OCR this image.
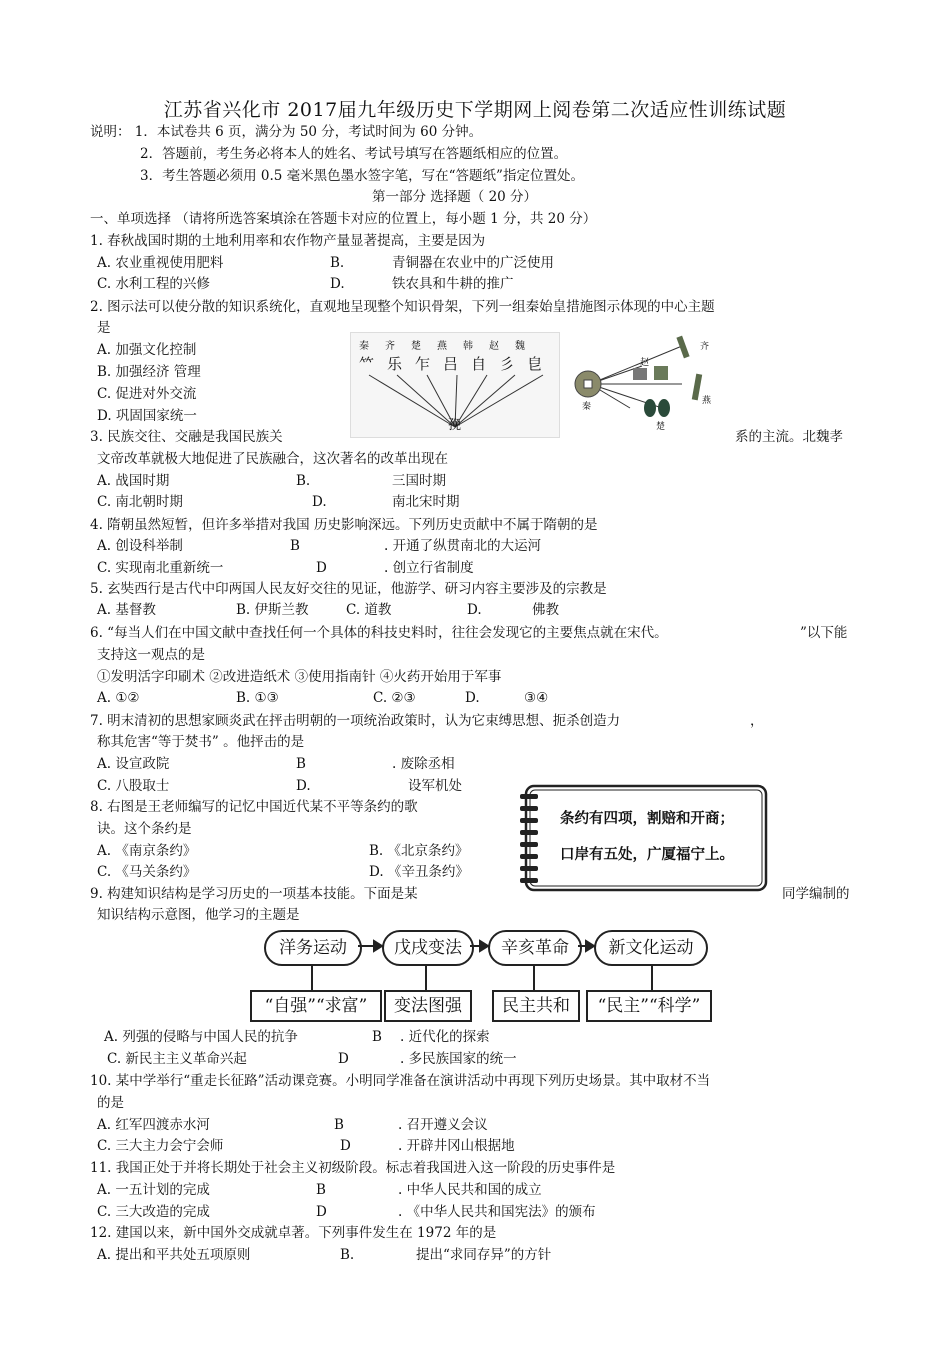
江苏省兴化市 2017届九年级历史下学期网上阅卷第二次适应性训练试题
说明： 1．本试卷共 6 页，满分为 50 分，考试时间为 60 分钟。
2．答题前，考生务必将本人的姓名、考试号填写在答题纸相应的位置。
3．考生答题必须用 0.5 毫米黑色墨水签字笔，写在“答题纸”指定位置处。
第一部分 选择题（ 20 分）
一、单项选择 （请将所选答案填涂在答题卡对应的位置上，每小题 1 分，共 20 分）
1. 春秋战国时期的土地利用率和农作物产量显著提高，主要是因为
A. 农业重视使用肥料	B.	青铜器在农业中的广泛使用
C. 水利工程的兴修	D.	铁农具和牛耕的推广
2. 图示法可以使分散的知识系统化，直观地呈现整个知识骨架，下列一组秦始皇措施图示体现的中心主题
是
A. 加强文化控制
B. 加强经济 管理
C. 促进对外交流
D. 巩固国家统一
秦齐楚燕韩赵魏
𥫗乐乍吕自彡皀
㝃
齐
赵
燕
秦
楚
3. 民族交往、交融是我国民族关	系的主流。北魏孝
文帝改革就极大地促进了民族融合，这次著名的改革出现在
A. 战国时期	B.	三国时期
C. 南北朝时期	D.	南北宋时期
4. 隋朝虽然短暂，但许多举措对我国 历史影响深远。下列历史贡献中不属于隋朝的是
A. 创设科举制	B	. 开通了纵贯南北的大运河
C. 实现南北重新统一	D	. 创立行省制度
5. 玄奘西行是古代中印两国人民友好交往的见证，他游学、研习内容主要涉及的宗教是
A. 基督教	B. 伊斯兰教	C. 道教	D.	佛教
6. “每当人们在中国文献中查找任何一个具体的科技史料时，往往会发现它的主要焦点就在宋代。	”以下能
支持这一观点的是
①发明活字印刷术 ②改进造纸术 ③使用指南针 ④火药开始用于军事
A. ①②	B. ①③	C. ②③	D.	③④
7. 明末清初的思想家顾炎武在抨击明朝的一项统治政策时，认为它束缚思想、扼杀创造力	，
称其危害“等于焚书” 。他抨击的是
A. 设宣政院	B	. 废除丞相
C. 八股取士	D.	设军机处
8. 右图是王老师编写的记忆中国近代某不平等条约的歌
诀。这个条约是
A. 《南京条约》	B. 《北京条约》
C. 《马关条约》	D. 《辛丑条约》
条约有四项，割赔和开商；
口岸有五处，广厦福宁上。
9. 构建知识结构是学习历史的一项基本技能。下面是某	同学编制的
知识结构示意图，他学习的主题是
洋务运动	戊戌变法	辛亥革命	新文化运动
“自强”“求富”	变法图强	民主共和	“民主”“科学”
A. 列强的侵略与中国人民的抗争	B . 近代化的探索
C. 新民主主义革命兴起	D	. 多民族国家的统一
10. 某中学举行“重走长征路”活动课竞赛。小明同学准备在演讲活动中再现下列历史场景。其中取材不当
的是
A. 红军四渡赤水河	B	. 召开遵义会议
C. 三大主力会宁会师	D	. 开辟井冈山根据地
11. 我国正处于并将长期处于社会主义初级阶段。标志着我国进入这一阶段的历史事件是
A. 一五计划的完成	B	. 中华人民共和国的成立
C. 三大改造的完成	D	. 《中华人民共和国宪法》的颁布
12. 建国以来，新中国外交成就卓著。下列事件发生在 1972 年的是
A. 提出和平共处五项原则	B.	提出“求同存异”的方针
